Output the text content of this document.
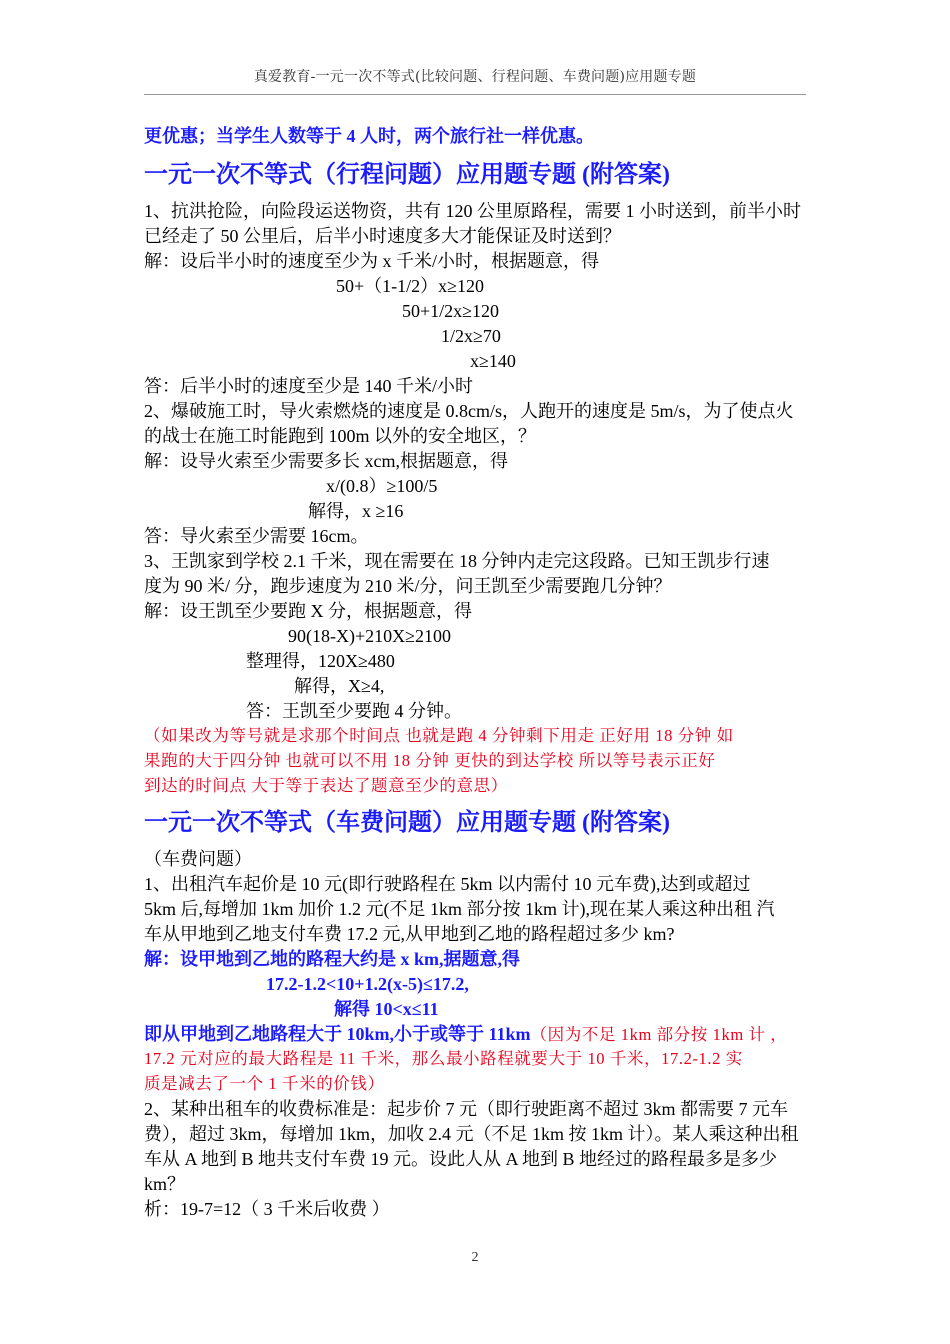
真爱教育-一元一次不等式(比较问题、行程问题、车费问题)应用题专题
更优惠；当学生人数等于 4 人时，两个旅行社一样优惠。
一元一次不等式（行程问题）应用题专题 (附答案)
1、抗洪抢险，向险段运送物资，共有 120 公里原路程，需要 1 小时送到，前半小时
已经走了 50 公里后，后半小时速度多大才能保证及时送到？
解：设后半小时的速度至少为 x 千米/小时，根据题意，得
50+（1-1/2）x≥120
50+1/2x≥120
1/2x≥70
x≥140
答：后半小时的速度至少是 140 千米/小时
2、爆破施工时，导火索燃烧的速度是 0.8cm/s，人跑开的速度是 5m/s，为了使点火
的战士在施工时能跑到 100m 以外的安全地区，？
解：设导火索至少需要多长 xcm,根据题意，得
x/(0.8）≥100/5
解得，x ≥16
答：导火索至少需要 16cm。
3、王凯家到学校 2.1 千米，现在需要在 18 分钟内走完这段路。已知王凯步行速
度为 90 米/ 分，跑步速度为 210 米/分，问王凯至少需要跑几分钟？
解：设王凯至少要跑 X 分，根据题意，得
90(18-X)+210X≥2100
整理得，120X≥480
解得，X≥4,
答：王凯至少要跑 4 分钟。
（如果改为等号就是求那个时间点 也就是跑 4 分钟剩下用走 正好用 18 分钟 如
果跑的大于四分钟 也就可以不用 18 分钟 更快的到达学校 所以等号表示正好
到达的时间点 大于等于表达了题意至少的意思）
一元一次不等式（车费问题）应用题专题 (附答案)
（车费问题）
1、出租汽车起价是 10 元(即行驶路程在 5km 以内需付 10 元车费),达到或超过
5km 后,每增加 1km 加价 1.2 元(不足 1km 部分按 1km 计),现在某人乘这种出租 汽
车从甲地到乙地支付车费 17.2 元,从甲地到乙地的路程超过多少 km?
解：设甲地到乙地的路程大约是 x km,据题意,得
17.2-1.2<10+1.2(x-5)≤17.2,
解得 10<x≤11
即从甲地到乙地路程大于 10km,小于或等于 11km（因为不足 1km 部分按 1km 计 ，
17.2 元对应的最大路程是 11 千米，那么最小路程就要大于 10 千米，17.2-1.2 实
质是减去了一个 1 千米的价钱）
2、某种出租车的收费标准是：起步价 7 元（即行驶距离不超过 3km 都需要 7 元车
费），超过 3km，每增加 1km，加收 2.4 元（不足 1km 按 1km 计）。某人乘这种出租
车从 A 地到 B 地共支付车费 19 元。设此人从 A 地到 B 地经过的路程最多是多少
km？
析：19-7=12（ 3 千米后收费 ）
2
